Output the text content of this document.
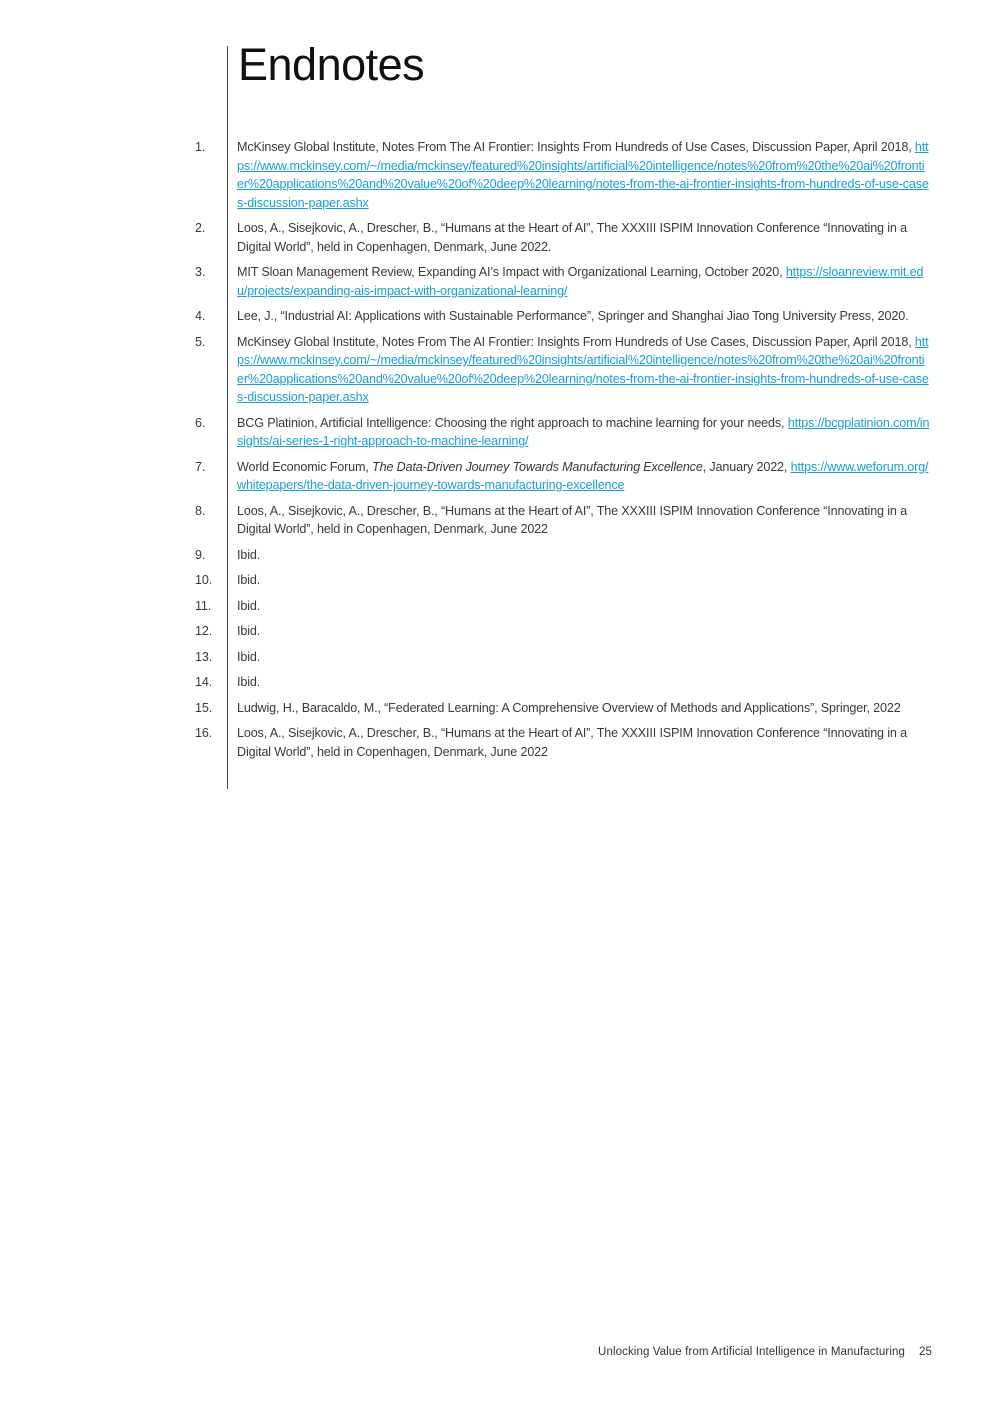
Endnotes
1.	McKinsey Global Institute, Notes From The AI Frontier: Insights From Hundreds of Use Cases, Discussion Paper, April 2018, https://www.mckinsey.com/~/media/mckinsey/featured%20insights/artificial%20intelligence/notes%20from%20the%20ai%20frontier%20applications%20and%20value%20of%20deep%20learning/notes-from-the-ai-frontier-insights-from-hundreds-of-use-cases-discussion-paper.ashx
2.	Loos, A., Sisejkovic, A., Drescher, B., “Humans at the Heart of AI”, The XXXIII ISPIM Innovation Conference “Innovating in a Digital World”, held in Copenhagen, Denmark, June 2022.
3.	MIT Sloan Management Review, Expanding AI’s Impact with Organizational Learning, October 2020, https://sloanreview.mit.edu/projects/expanding-ais-impact-with-organizational-learning/
4.	Lee, J., “Industrial AI: Applications with Sustainable Performance”, Springer and Shanghai Jiao Tong University Press, 2020.
5.	McKinsey Global Institute, Notes From The AI Frontier: Insights From Hundreds of Use Cases, Discussion Paper, April 2018, https://www.mckinsey.com/~/media/mckinsey/featured%20insights/artificial%20intelligence/notes%20from%20the%20ai%20frontier%20applications%20and%20value%20of%20deep%20learning/notes-from-the-ai-frontier-insights-from-hundreds-of-use-cases-discussion-paper.ashx
6.	BCG Platinion, Artificial Intelligence: Choosing the right approach to machine learning for your needs, https://bcgplatinion.com/insights/ai-series-1-right-approach-to-machine-learning/
7.	World Economic Forum, The Data-Driven Journey Towards Manufacturing Excellence, January 2022, https://www.weforum.org/whitepapers/the-data-driven-journey-towards-manufacturing-excellence
8.	Loos, A., Sisejkovic, A., Drescher, B., “Humans at the Heart of AI”, The XXXIII ISPIM Innovation Conference “Innovating in a Digital World”, held in Copenhagen, Denmark, June 2022
9.	Ibid.
10.	Ibid.
11.	Ibid.
12.	Ibid.
13.	Ibid.
14.	Ibid.
15.	Ludwig, H., Baracaldo, M., “Federated Learning: A Comprehensive Overview of Methods and Applications”, Springer, 2022
16.	Loos, A., Sisejkovic, A., Drescher, B., “Humans at the Heart of AI”, The XXXIII ISPIM Innovation Conference “Innovating in a Digital World”, held in Copenhagen, Denmark, June 2022
Unlocking Value from Artificial Intelligence in Manufacturing 25
